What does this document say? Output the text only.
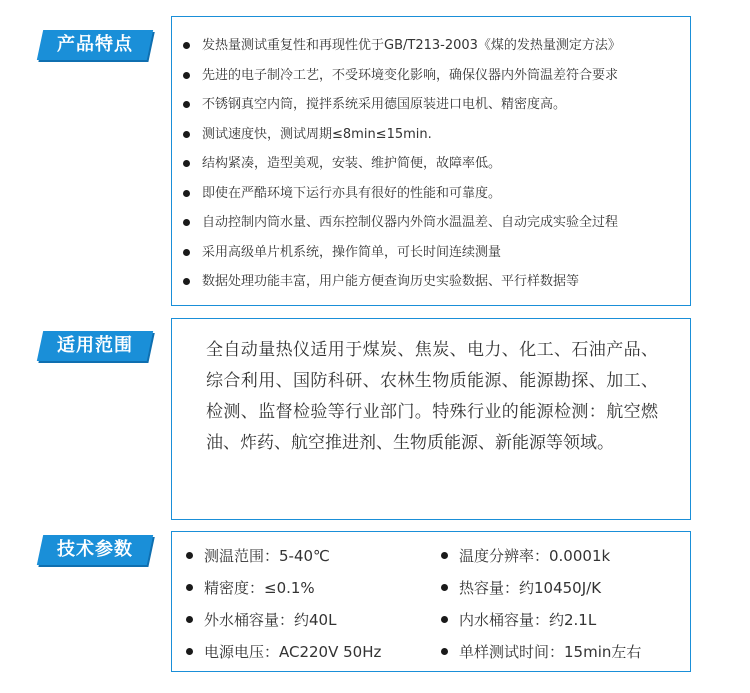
产品特点	发热量测试重复性和再现性优于GB/T213-2003《煤的发热量测定方法》
先进的电子制冷工艺，不受环境变化影响，确保仪器内外筒温差符合要求
不锈钢真空内筒，搅拌系统采用德国原装进口电机、精密度高。
测试速度快，测试周期≤8min≤15min.
结构紧凑，造型美观，安装、维护简便，故障率低。
即使在严酷环境下运行亦具有很好的性能和可靠度。
自动控制内筒水量、西东控制仪器内外筒水温温差、自动完成实验全过程
采用高级单片机系统，操作简单，可长时间连续测量
数据处理功能丰富，用户能方便查询历史实验数据、平行样数据等
适用范围	全自动量热仪适用于煤炭、焦炭、电力、化工、石油产品、综合利用、国防科研、农林生物质能源、能源勘探、加工、检测、监督检验等行业部门。特殊行业的能源检测：航空燃油、炸药、航空推进剂、生物质能源、新能源等领域。
技术参数	测温范围：5-40℃	温度分辨率：0.0001k
精密度：≤0.1%	热容量：约10450J/K
外水桶容量：约40L	内水桶容量：约2.1L
电源电压：AC220V 50Hz	单样测试时间：15min左右
